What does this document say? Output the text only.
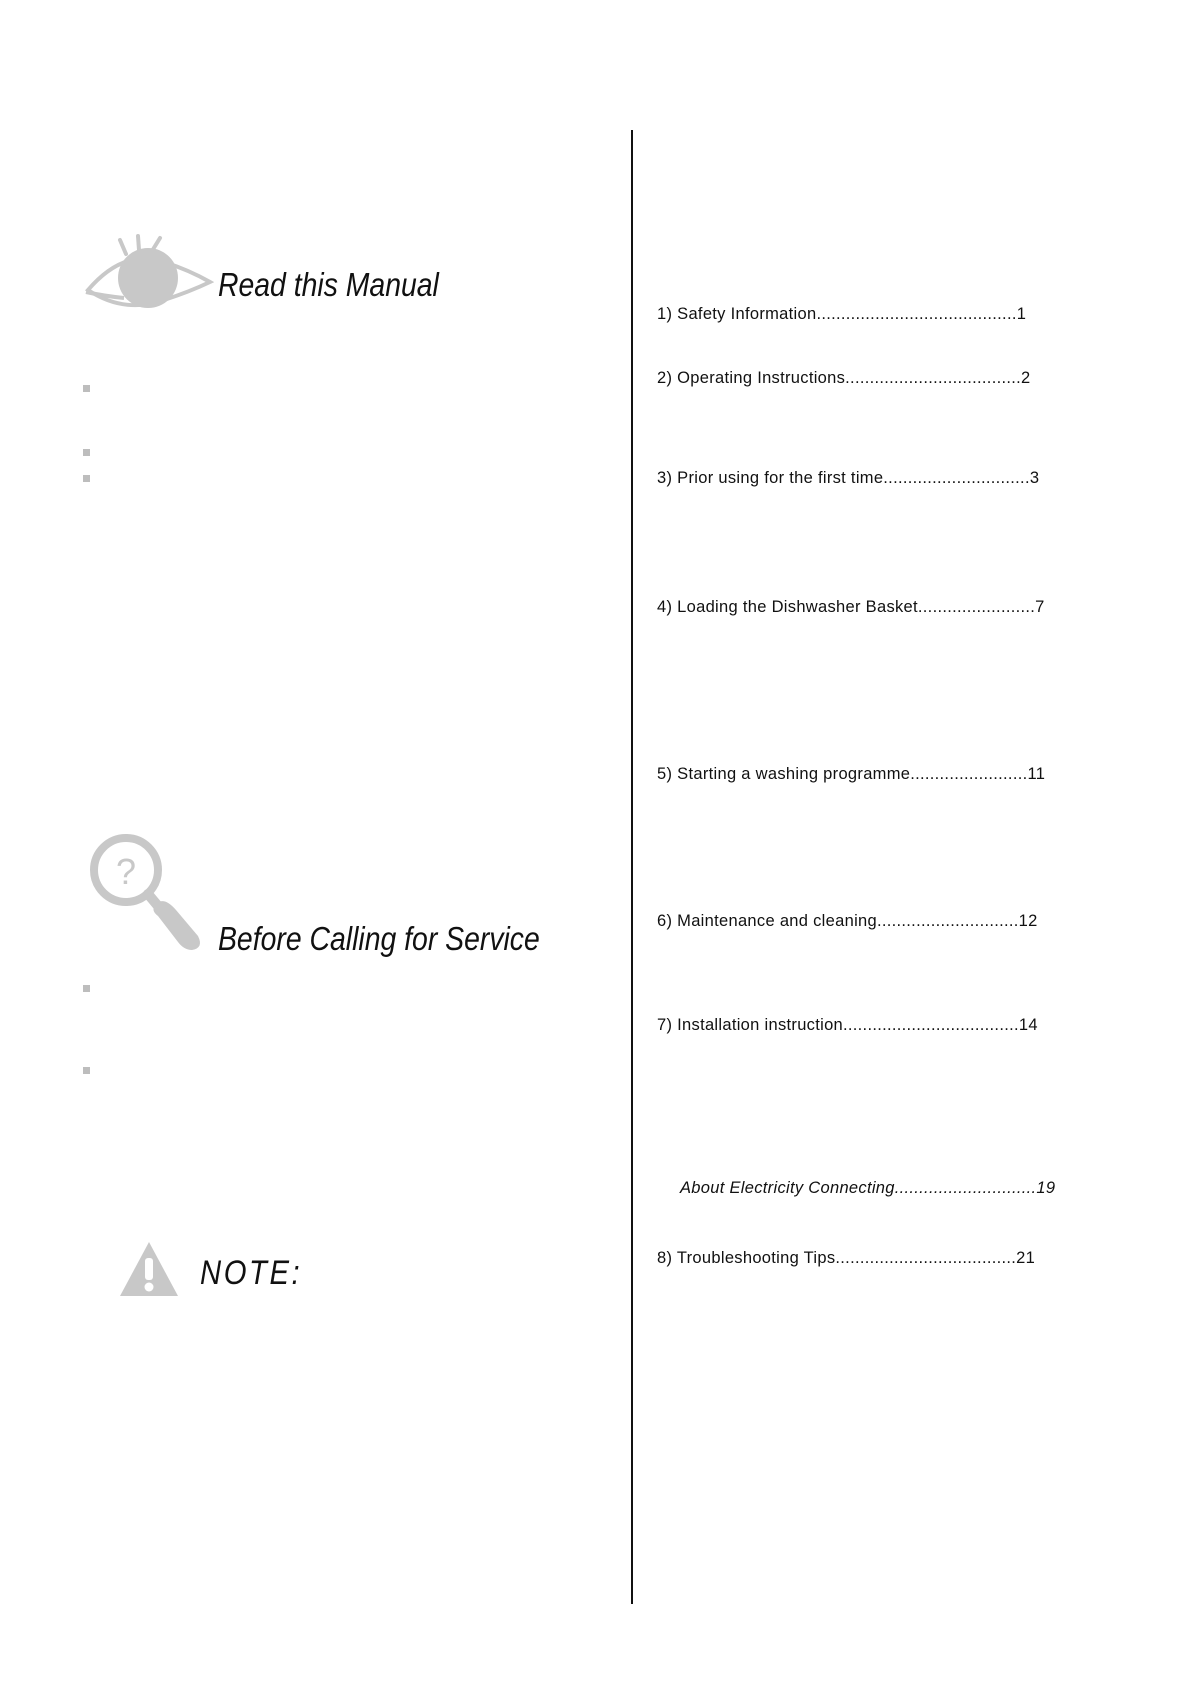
Read this Manual
?
Before Calling for Service
NOTE:
1) Safety Information.........................................1
2) Operating Instructions....................................2
3) Prior using for the first time..............................3
4) Loading the Dishwasher Basket........................7
5) Starting a washing programme........................11
6) Maintenance and cleaning.............................12
7) Installation instruction....................................14
About Electricity Connecting.............................19
8) Troubleshooting Tips.....................................21
